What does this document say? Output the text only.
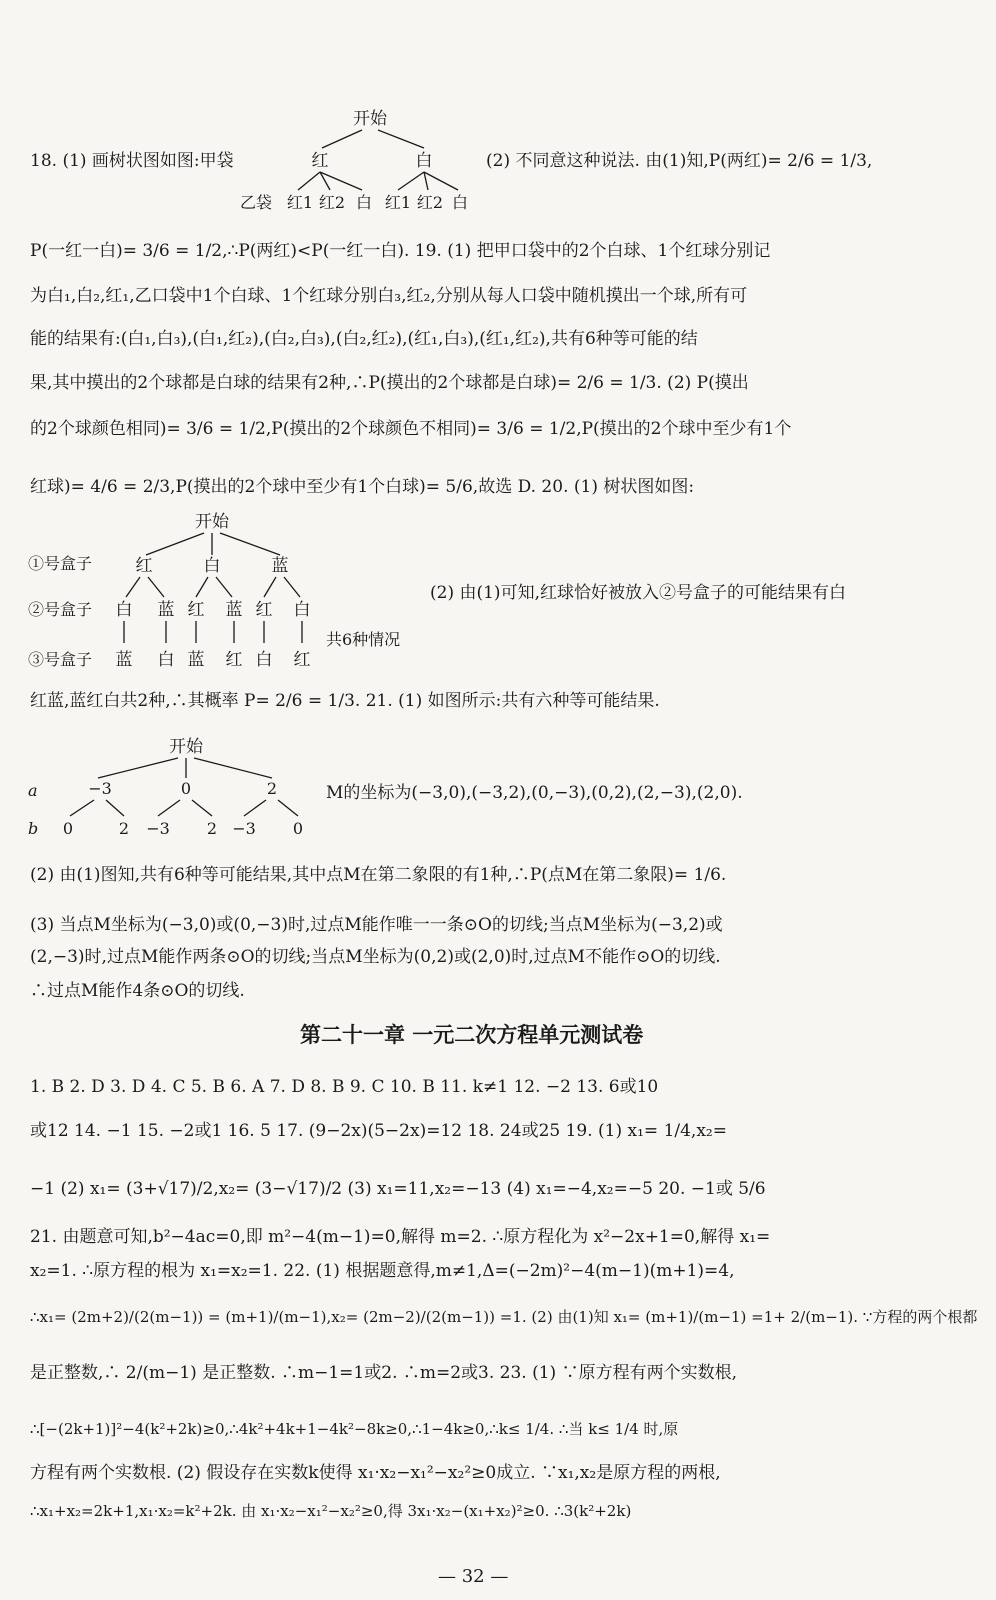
18. (1) 画树状图如图:甲袋	(2) 不同意这种说法. 由(1)知,P(两红)= 2/6 = 1/3,
开始
红	白
乙袋 红1 红2 白 红1 红2 白
P(一红一白)= 3/6 = 1/2,∴P(两红)<P(一红一白). 19. (1) 把甲口袋中的2个白球、1个红球分别记
为白₁,白₂,红₁,乙口袋中1个白球、1个红球分别白₃,红₂,分别从每人口袋中随机摸出一个球,所有可
能的结果有:(白₁,白₃),(白₁,红₂),(白₂,白₃),(白₂,红₂),(红₁,白₃),(红₁,红₂),共有6种等可能的结
果,其中摸出的2个球都是白球的结果有2种,∴P(摸出的2个球都是白球)= 2/6 = 1/3. (2) P(摸出
的2个球颜色相同)= 3/6 = 1/2,P(摸出的2个球颜色不相同)= 3/6 = 1/2,P(摸出的2个球中至少有1个
红球)= 4/6 = 2/3,P(摸出的2个球中至少有1个白球)= 5/6,故选 D. 20. (1) 树状图如图:
开始
①号盒子	红	白	蓝
②号盒子 白 蓝 红 蓝 红 白
共6种情况
③号盒子 蓝 白 蓝 红 白 红
(2) 由(1)可知,红球恰好被放入②号盒子的可能结果有白
红蓝,蓝红白共2种,∴其概率 P= 2/6 = 1/3. 21. (1) 如图所示:共有六种等可能结果.
开始
a	−3	0	2
b 0	2 −3 2 −3 0
M的坐标为(−3,0),(−3,2),(0,−3),(0,2),(2,−3),(2,0).
(2) 由(1)图知,共有6种等可能结果,其中点M在第二象限的有1种,∴P(点M在第二象限)= 1/6.
(3) 当点M坐标为(−3,0)或(0,−3)时,过点M能作唯一一条⊙O的切线;当点M坐标为(−3,2)或
(2,−3)时,过点M能作两条⊙O的切线;当点M坐标为(0,2)或(2,0)时,过点M不能作⊙O的切线.
∴过点M能作4条⊙O的切线.
第二十一章 一元二次方程单元测试卷
1. B 2. D 3. D 4. C 5. B 6. A 7. D 8. B 9. C 10. B 11. k≠1 12. −2 13. 6或10
或12 14. −1 15. −2或1 16. 5 17. (9−2x)(5−2x)=12 18. 24或25 19. (1) x₁= 1/4,x₂=
−1 (2) x₁= (3+√17)/2,x₂= (3−√17)/2 (3) x₁=11,x₂=−13 (4) x₁=−4,x₂=−5 20. −1或 5/6
21. 由题意可知,b²−4ac=0,即 m²−4(m−1)=0,解得 m=2. ∴原方程化为 x²−2x+1=0,解得 x₁=
x₂=1. ∴原方程的根为 x₁=x₂=1. 22. (1) 根据题意得,m≠1,Δ=(−2m)²−4(m−1)(m+1)=4,
∴x₁= (2m+2)/(2(m−1)) = (m+1)/(m−1),x₂= (2m−2)/(2(m−1)) =1. (2) 由(1)知 x₁= (m+1)/(m−1) =1+ 2/(m−1). ∵方程的两个根都
是正整数,∴ 2/(m−1) 是正整数. ∴m−1=1或2. ∴m=2或3. 23. (1) ∵原方程有两个实数根,
∴[−(2k+1)]²−4(k²+2k)≥0,∴4k²+4k+1−4k²−8k≥0,∴1−4k≥0,∴k≤ 1/4. ∴当 k≤ 1/4 时,原
方程有两个实数根. (2) 假设存在实数k使得 x₁·x₂−x₁²−x₂²≥0成立. ∵x₁,x₂是原方程的两根,
∴x₁+x₂=2k+1,x₁·x₂=k²+2k. 由 x₁·x₂−x₁²−x₂²≥0,得 3x₁·x₂−(x₁+x₂)²≥0. ∴3(k²+2k)
— 32 —
